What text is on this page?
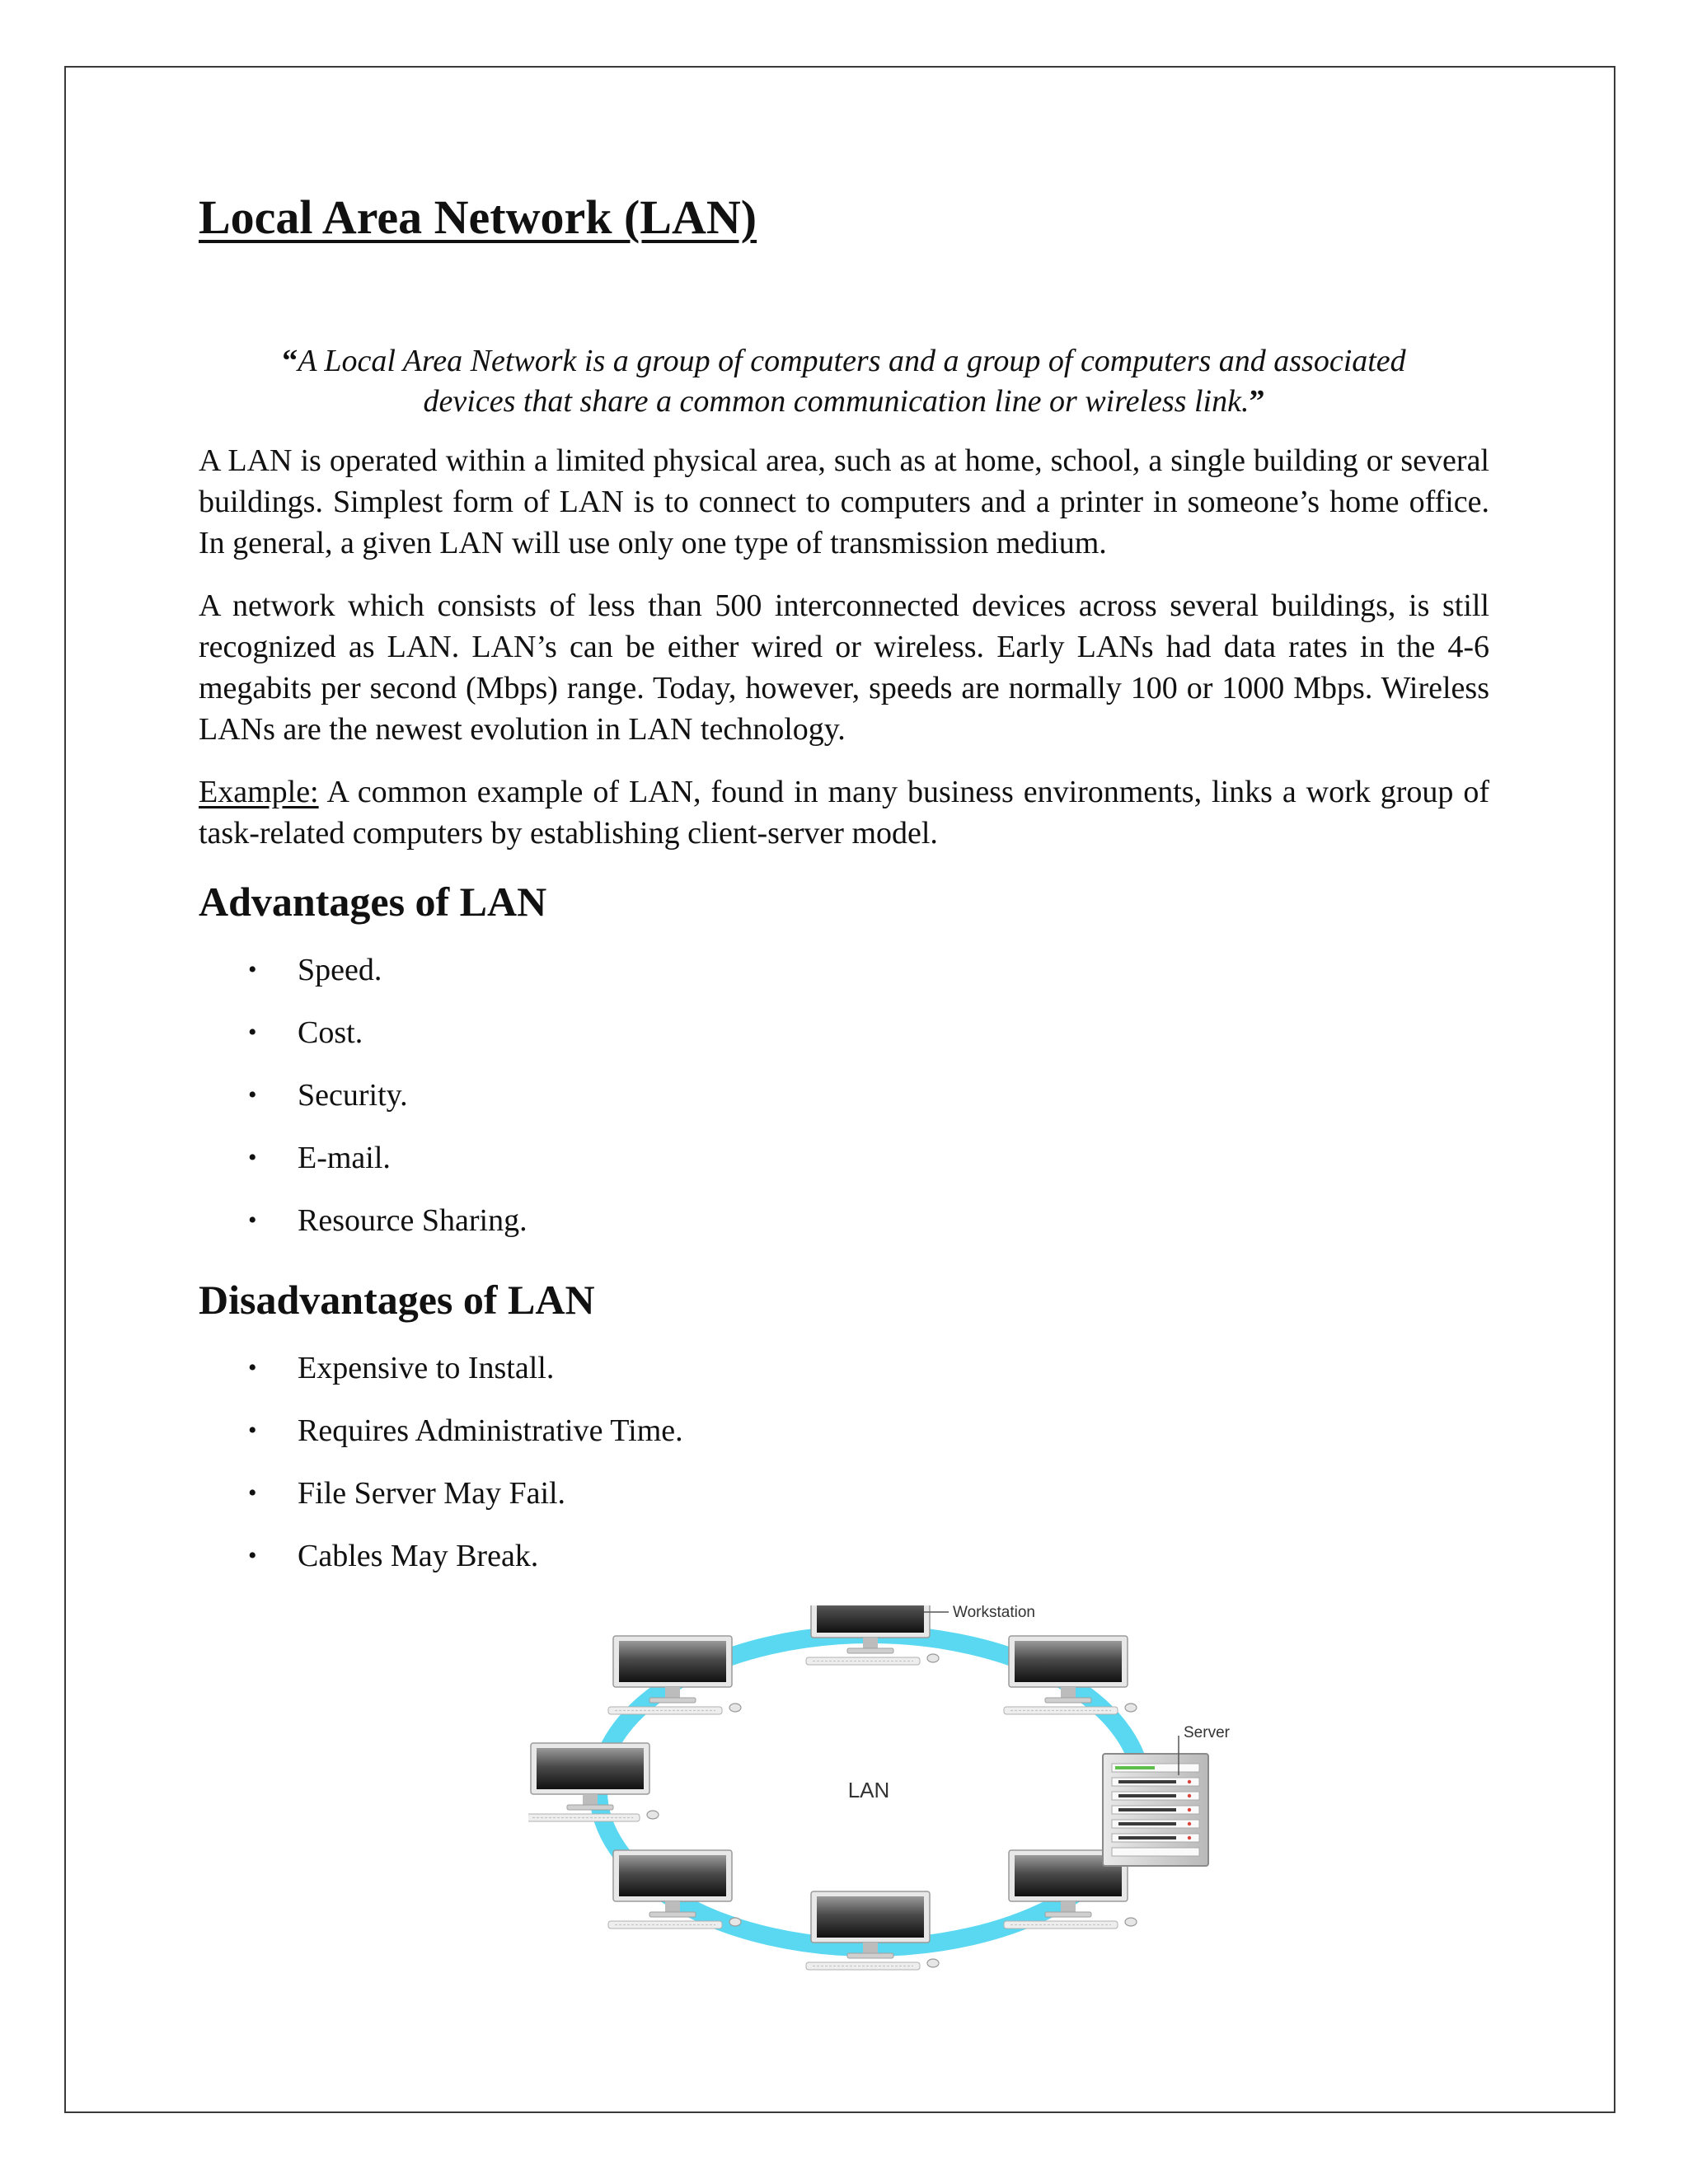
Local Area Network (LAN)

“A Local Area Network is a group of computers and a group of computers and associated
devices that share a common communication line or wireless link.”

A LAN is operated within a limited physical area, such as at home, school, a single building or several buildings. Simplest form of LAN is to connect to computers and a printer in someone’s home office. In general, a given LAN will use only one type of transmission medium.

A network which consists of less than 500 interconnected devices across several buildings, is still recognized as LAN. LAN’s can be either wired or wireless. Early LANs had data rates in the 4-6 megabits per second (Mbps) range. Today, however, speeds are normally 100 or 1000 Mbps. Wireless LANs are the newest evolution in LAN technology.

Example: A common example of LAN, found in many business environments, links a work group of task-related computers by establishing client-server model.

Advantages of LAN
• Speed.
• Cost.
• Security.
• E-mail.
• Resource Sharing.
Disadvantages of LAN
• Expensive to Install.
• Requires Administrative Time.
• File Server May Fail.
• Cables May Break.
Workstation
Server
LAN
